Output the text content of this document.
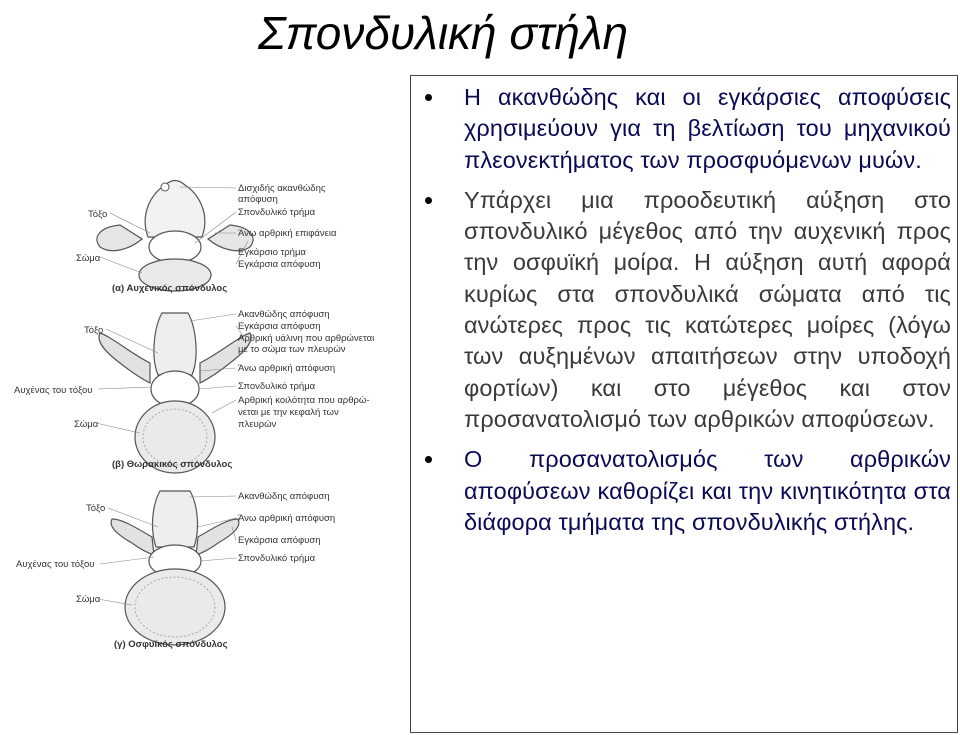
Σπονδυλική στήλη
Τόξο
Σώμα
Δισχιδής ακανθώδης
απόφυση
Σπονδυλικό τρήμα
Άνω αρθρική επιφάνεια
Εγκάρσιο τρήμα
Εγκάρσια απόφυση
(α) Αυχενικός σπόνδυλος
Τόξο
Αυχένας του τόξου
Σώμα
Ακανθώδης απόφυση
Εγκάρσια απόφυση
Αρθρική υάλινη που αρθρώνεται
με το σώμα των πλευρών
Άνω αρθρική απόφυση
Σπονδυλικό τρήμα
Αρθρική κοιλότητα που αρθρώ-
νεται με την κεφαλή των
πλευρών
(β) Θωρακικός σπόνδυλος
Τόξο
Αυχένας του τόξου
Σώμα
Ακανθώδης απόφυση
Άνω αρθρική απόφυση
Εγκάρσια απόφυση
Σπονδυλικό τρήμα
(γ) Οσφυϊκός σπόνδυλος
Η ακανθώδης και οι εγκάρσιες αποφύσεις χρησιμεύουν για τη βελτίωση του μηχανικού πλεονεκτήματος των προσφυόμενων μυών.
Υπάρχει μια προοδευτική αύξηση στο σπονδυλικό μέγεθος από την αυχενική προς την οσφυϊκή μοίρα. Η αύξηση αυτή αφορά κυρίως στα σπονδυλικά σώματα από τις ανώτερες προς τις κατώτερες μοίρες (λόγω των αυξημένων απαιτήσεων στην υποδοχή φορτίων) και στο μέγεθος και στον προσανατολισμό των αρθρικών αποφύσεων.
Ο προσανατολισμός των αρθρικών αποφύσεων καθορίζει και την κινητικότητα στα διάφορα τμήματα της σπονδυλικής στήλης.
